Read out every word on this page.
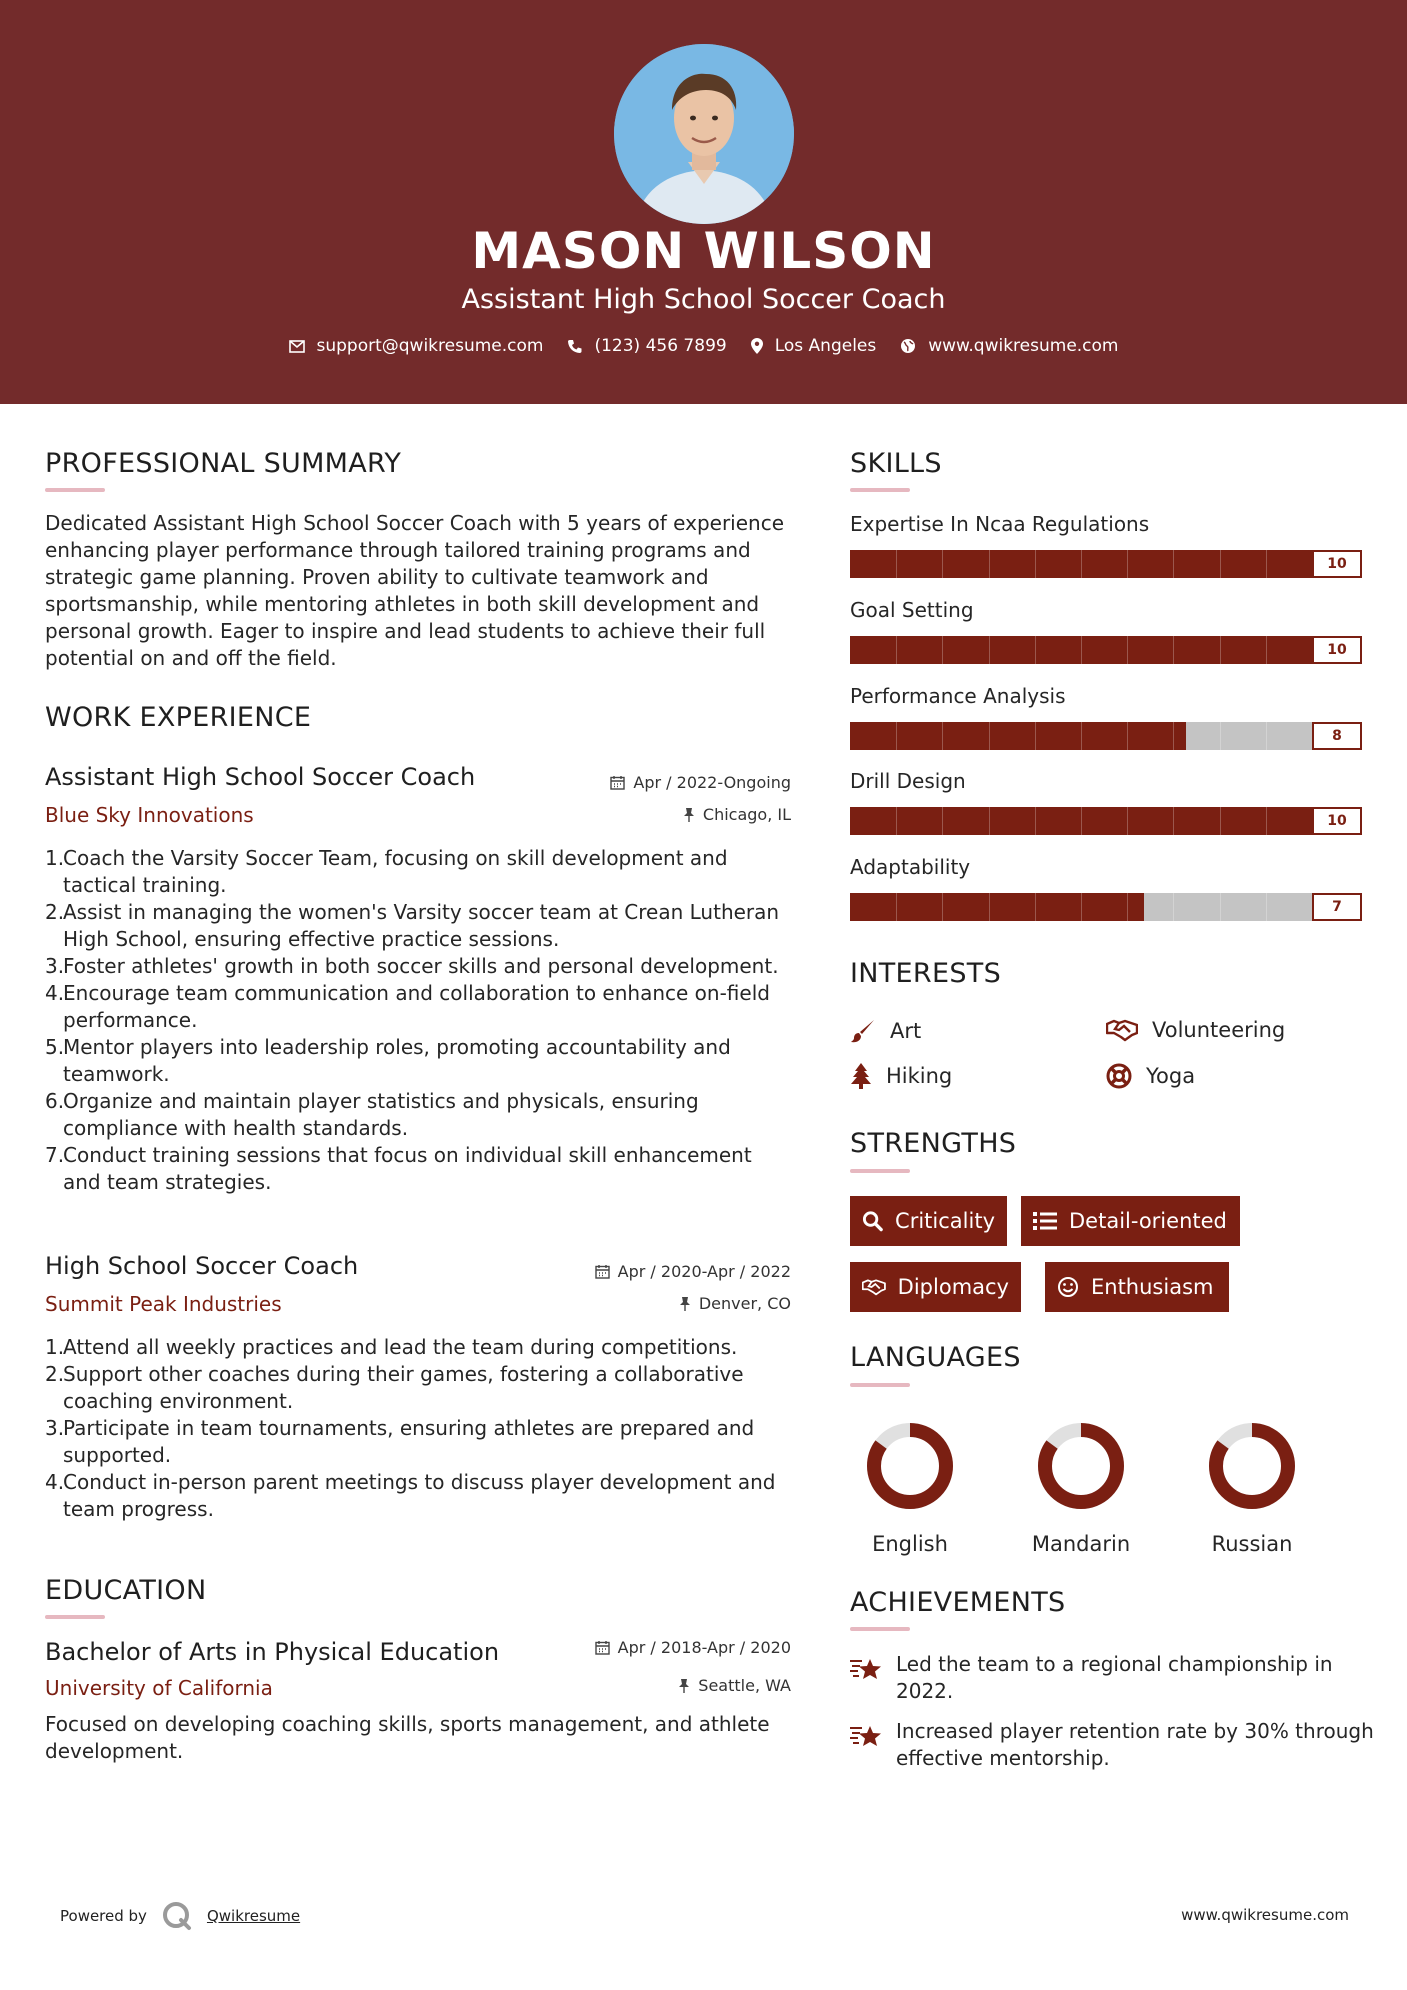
MASON WILSON
Assistant High School Soccer Coach
support@qwikresume.com	(123) 456 7899	Los Angeles	www.qwikresume.com
PROFESSIONAL SUMMARY
Dedicated Assistant High School Soccer Coach with 5 years of experience enhancing player performance through tailored training programs and strategic game planning. Proven ability to cultivate teamwork and sportsmanship, while mentoring athletes in both skill development and personal growth. Eager to inspire and lead students to achieve their full potential on and off the field.
WORK EXPERIENCE
Assistant High School Soccer Coach	Apr / 2022-Ongoing
Blue Sky Innovations	Chicago, IL
1.
Coach the Varsity Soccer Team, focusing on skill development and tactical training.
2.
Assist in managing the women's Varsity soccer team at Crean Lutheran High School, ensuring effective practice sessions.
3.
Foster athletes' growth in both soccer skills and personal development.
4.
Encourage team communication and collaboration to enhance on-field performance.
5.
Mentor players into leadership roles, promoting accountability and teamwork.
6.
Organize and maintain player statistics and physicals, ensuring compliance with health standards.
7.
Conduct training sessions that focus on individual skill enhancement and team strategies.
High School Soccer Coach	Apr / 2020-Apr / 2022
Summit Peak Industries	Denver, CO
1.
Attend all weekly practices and lead the team during competitions.
2.
Support other coaches during their games, fostering a collaborative coaching environment.
3.
Participate in team tournaments, ensuring athletes are prepared and supported.
4.
Conduct in-person parent meetings to discuss player development and team progress.
EDUCATION
Bachelor of Arts in Physical Education	Apr / 2018-Apr / 2020
University of California	Seattle, WA
Focused on developing coaching skills, sports management, and athlete development.
SKILLS
Expertise In Ncaa Regulations
10
Goal Setting
10
Performance Analysis
8
Drill Design
10
Adaptability
7
INTERESTS
Art	Volunteering
Hiking	Yoga
STRENGTHS
Criticality	Detail-oriented
Diplomacy	Enthusiasm
LANGUAGES
English	Mandarin	Russian
ACHIEVEMENTS
Led the team to a regional championship in 2022.
Increased player retention rate by 30% through effective mentorship.
Powered by	Qwikresume	www.qwikresume.com
